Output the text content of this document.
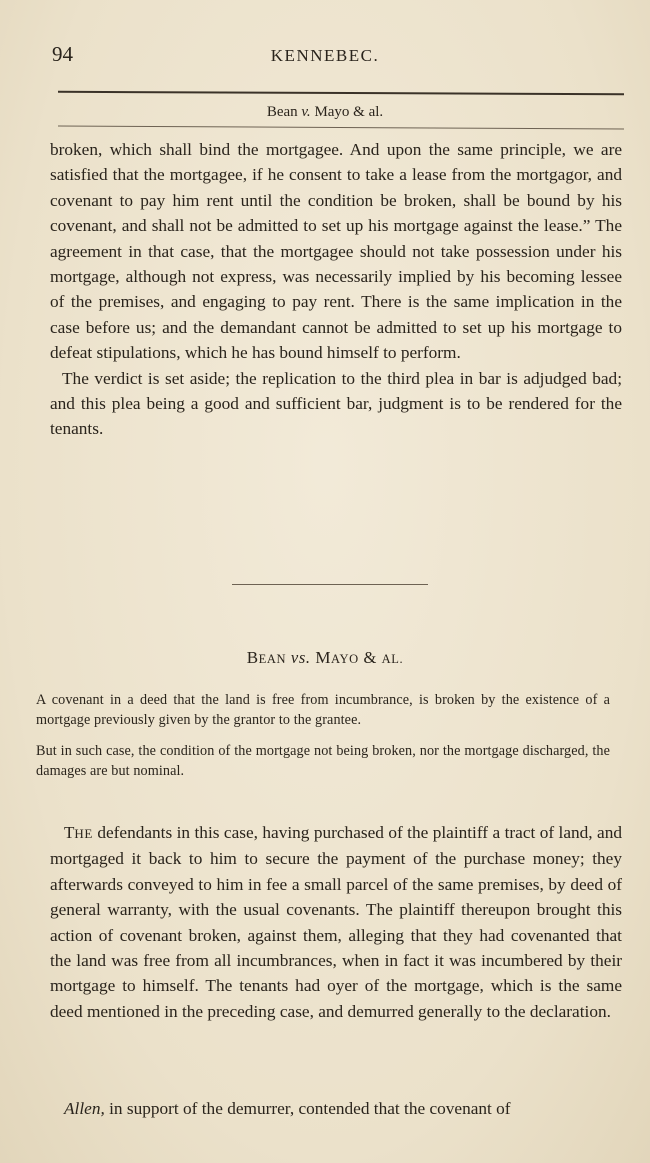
94	KENNEBEC.
Bean v. Mayo & al.

broken, which shall bind the mortgagee. And upon the same principle, we are satisfied that the mortgagee, if he consent to take a lease from the mortgagor, and covenant to pay him rent until the condition be broken, shall be bound by his covenant, and shall not be admitted to set up his mortgage against the lease.” The agreement in that case, that the mortgagee should not take possession under his mortgage, although not express, was necessarily implied by his becoming lessee of the premises, and engaging to pay rent. There is the same implication in the case before us; and the demandant cannot be admitted to set up his mortgage to defeat stipulations, which he has bound himself to perform.

The verdict is set aside; the replication to the third plea in bar is adjudged bad; and this plea being a good and sufficient bar, judgment is to be rendered for the tenants.

BEAN vs. MAYO & AL.

A covenant in a deed that the land is free from incumbrance, is broken by the existence of a mortgage previously given by the grantor to the grantee.

But in such case, the condition of the mortgage not being broken, nor the mortgage discharged, the damages are but nominal.

THE defendants in this case, having purchased of the plaintiff a tract of land, and mortgaged it back to him to secure the payment of the purchase money; they afterwards conveyed to him in fee a small parcel of the same premises, by deed of general warranty, with the usual covenants. The plaintiff thereupon brought this action of covenant broken, against them, alleging that they had covenanted that the land was free from all incumbrances, when in fact it was incumbered by their mortgage to himself. The tenants had oyer of the mortgage, which is the same deed mentioned in the preceding case, and demurred generally to the declaration.

Allen, in support of the demurrer, contended that the covenant of
